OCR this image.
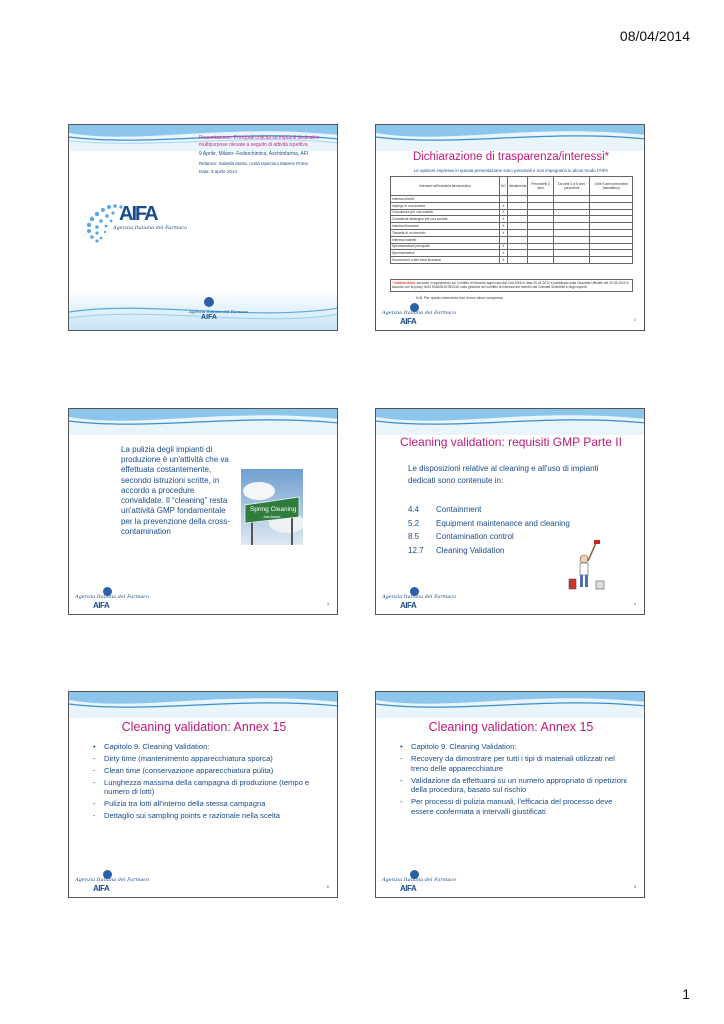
08/04/2014
Presentazione: Principali criticità su impianti dedicati e multipurpose rilevate a seguito di attività ispettiva
9 Aprile, Milano- Federchimica, Aschimfarma, AFI
Relatore: Isabella Marta, Unità Ispezioni Materie Prime
Data: 9 aprile 2014
AIFA
Agenzia Italiana del Farmaco
Agenzia Italiana del Farmaco
AIFA
Dichiarazione di trasparenza/interessi*
Le opinioni espresse in questa presentazione sono personali e non impegnano in alcun modo l'AIFA
Interessi nell'industria farmaceutica	NO	Attualmente	Precedenti 2 anni	Da oltre 2 a 5 anni precedenti	Oltre 5 anni precedenti (facoltativo)
Interessi diretti:					
Impiego in una società	X				
Consulenza per una società	X				
Consulente strategico per una società	X				
Interessi finanziari	X				
Titolarità di un brevetto	X				
Interessi indiretti:					
Sperimentatore principale	X				
Sperimentatore	X				
Sovvenzioni o altri fondi finanziari	X				
* Isabella Marta, secondo il regolamento sul Conflitto di Interessi approvato dal CdA AIFA in data 26.01.2012 e pubblicato sulla Gazzetta Ufficiale del 20.03.2012 in accordo con la policy 0044 EMA/513078/2010 sulla gestione del conflitto di interessi dei membri dei Comitati Scientifici e degli esperti.
N.B. Per questo intervento non ricevo alcun compenso
Agenzia Italiana del Farmaco
AIFA	2
La pulizia degli impianti di produzione è un'attività che va effettuata costantemente, secondo istruzioni scritte, in accordo a procedure convalidate. Il “cleaning” resta un'attività GMP fondamentale per la prevenzione della cross-contamination
Spring Cleaning
Just Ahead
Agenzia Italiana del Farmaco
AIFA	3
Cleaning validation: requisiti GMP Parte II
Le disposizioni relative al cleaning e all'uso di impianti dedicati sono contenute in:
4.4 Containment
5.2 Equipment maintenance and cleaning
8.5 Contamination control
12.7 Cleaning Validation
Agenzia Italiana del Farmaco
AIFA	4
Cleaning validation: Annex 15
• Capitolo 9. Cleaning Validation:
- Dirty time (mantenimento apparecchiatura sporca)
- Clean time (conservazione apparecchiatura pulita)
- Lunghezza massima della campagna di produzione (tempo e numero di lotti)
- Pulizia tra lotti all'interno della stessa campagna
- Dettaglio sui sampling points e razionale nella scelta
Agenzia Italiana del Farmaco
AIFA	5
Cleaning validation: Annex 15
• Capitolo 9. Cleaning Validation:
- Recovery da dimostrare per tutti i tipi di materiali utilizzati nel treno delle apparecchiature
- Validazione da effettuarsi su un numero appropriato di ripetizioni della procedura, basato sul rischio
- Per processi di pulizia manuali, l'efficacia del processo deve essere confermata a intervalli giustificati
Agenzia Italiana del Farmaco
AIFA	6
1
